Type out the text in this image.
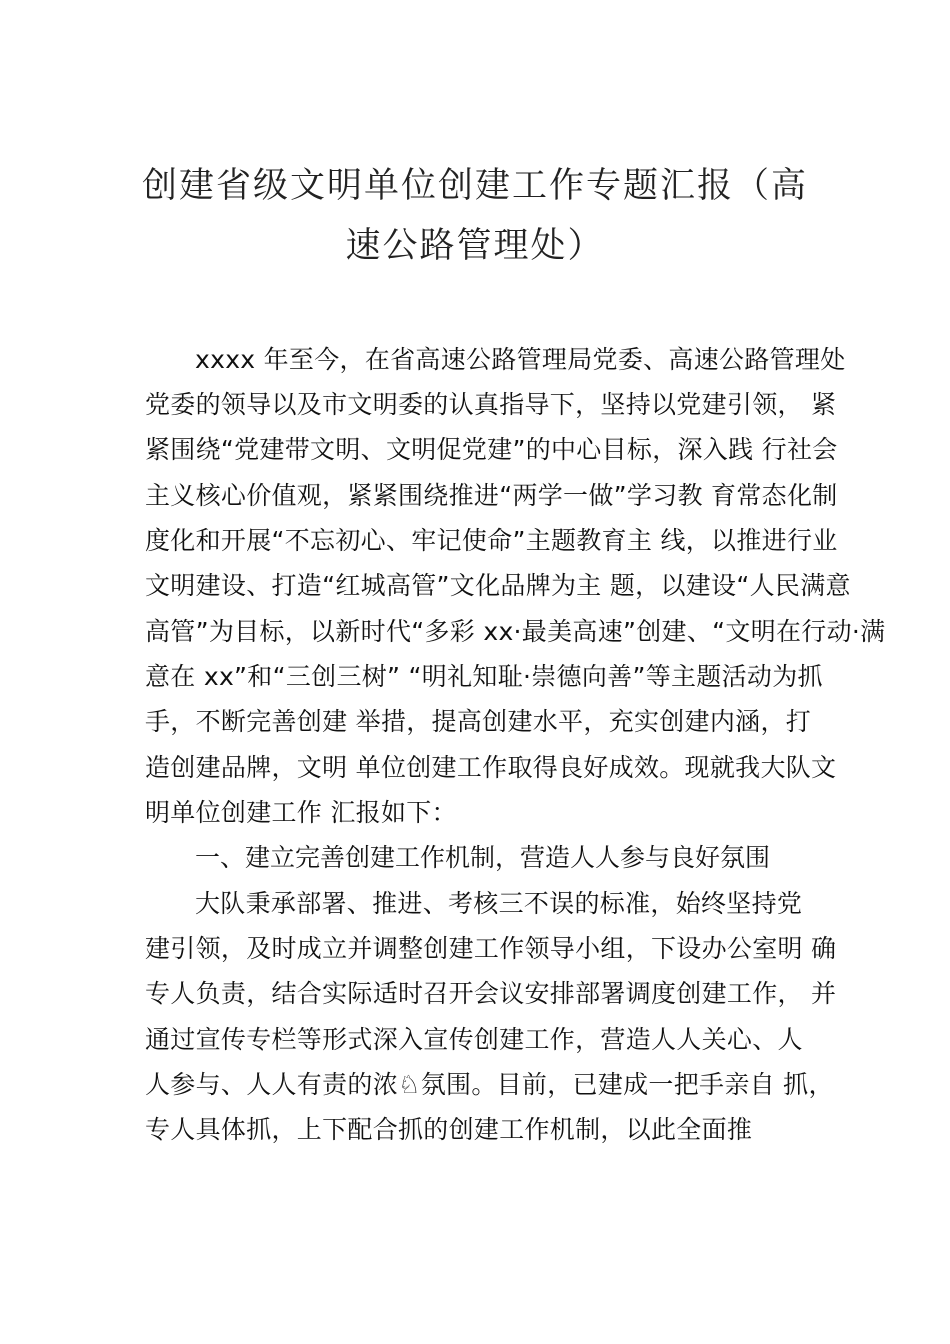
创建省级文明单位创建工作专题汇报（高
速公路管理处）
xxxx 年至今，在省高速公路管理局党委、高速公路管理处
党委的领导以及市文明委的认真指导下，坚持以党建引领， 紧
紧围绕“党建带文明、文明促党建”的中心目标，深入践 行社会
主义核心价值观，紧紧围绕推进“两学一做”学习教 育常态化制
度化和开展“不忘初心、牢记使命”主题教育主 线，以推进行业
文明建设、打造“红城高管”文化品牌为主 题，以建设“人民满意
高管”为目标，以新时代“多彩 xx·最美高速”创建、“文明在行动·满
意在 xx”和“三创三树” “明礼知耻·崇德向善”等主题活动为抓
手，不断完善创建 举措，提高创建水平，充实创建内涵，打
造创建品牌，文明 单位创建工作取得良好成效。现就我大队文
明单位创建工作 汇报如下：
一、建立完善创建工作机制，营造人人参与良好氛围
大队秉承部署、推进、考核三不误的标准，始终坚持党
建引领，及时成立并调整创建工作领导小组，下设办公室明 确
专人负责，结合实际适时召开会议安排部署调度创建工作， 并
通过宣传专栏等形式深入宣传创建工作，营造人人关心、人
人参与、人人有责的浓♘氛围。目前，已建成一把手亲自 抓，
专人具体抓，上下配合抓的创建工作机制，以此全面推
